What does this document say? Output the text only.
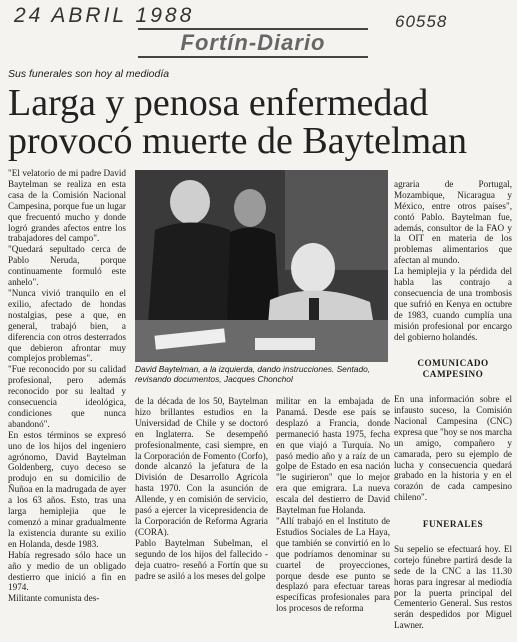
24 ABRIL 1988	60558
Fortín-Diario
Sus funerales son hoy al mediodía
Larga y penosa enfermedad provocó muerte de Baytelman
"El velatorio de mi padre David Baytelman se realiza en esta casa de la Comisión Nacional Campesina, porque fue un lugar que frecuentó mucho y donde logró grandes afectos entre los trabajadores del campo".
"Quedará sepultado cerca de Pablo Neruda, porque continuamente formuló este anhelo".
"Nunca vivió tranquilo en el exilio, afectado de hondas nostalgias, pese a que, en general, trabajó bien, a diferencia con otros desterrados que debieron afrontar muy complejos problemas".
"Fue reconocido por su calidad profesional, pero además reconocido por su lealtad y consecuencia ideológica, condiciones que nunca abandonó".
En estos términos se expresó uno de los hijos del ingeniero agrónomo, David Baytelman Goldenberg, cuyo deceso se produjo en su domicilio de Ñuñoa en la madrugada de ayer a los 63 años. Esto, tras una larga hemiplejia que le comenzó a minar gradualmente la existencia durante su exilio en Holanda, desde 1983.
Había regresado sólo hace un año y medio de un obligado destierro que inició a fin en 1974.
Militante comunista des-
David Baytelman, a la izquierda, dando instrucciones. Sentado, revisando documentos, Jacques Chonchol
de la década de los 50, Baytelman hizo brillantes estudios en la Universidad de Chile y se doctoró en Inglaterra. Se desempeñó profesionalmente, casi siempre, en la Corporación de Fomento (Corfo), donde alcanzó la jefatura de la División de Desarrollo Agrícola hasta 1970. Con la asunción de Allende, y en comisión de servicio, pasó a ejercer la vicepresidencia de la Corporación de Reforma Agraria (CORA).
Pablo Baytelman Subelman, el segundo de los hijos del fallecido -deja cuatro- reseñó a Fortín que su padre se asiló a los meses del golpe
militar en la embajada de Panamá. Desde ese país se desplazó a Francia, donde permaneció hasta 1975, fecha en que viajó a Turquía. No pasó medio año y a raíz de un golpe de Estado en esa nación "le sugirieron" que lo mejor era que emigrara. La nueva escala del destierro de David Baytelman fue Holanda.
"Allí trabajó en el Instituto de Estudios Sociales de La Haya, que también se convirtió en lo que podríamos denominar su cuartel de proyecciones, porque desde ese punto se desplazó para efectuar tareas específicas profesionales para los procesos de reforma

agraria de Portugal, Mozambique, Nicaragua y México, entre otros países", contó Pablo. Baytelman fue, además, consultor de la FAO y la OIT en materia de los problemas alimentarios que afectan al mundo.
La hemiplejia y la pérdida del habla las contrajo a consecuencia de una trombosis que sufrió en Kenya en octubre de 1983, cuando cumplía una misión profesional por encargo del gobierno holandés.

COMUNICADO CAMPESINO

En una información sobre el infausto suceso, la Comisión Nacional Campesina (CNC) expresa que "hoy se nos marcha un amigo, compañero y camarada, pero su ejemplo de lucha y consecuencia quedará grabado en la historia y en el corazón de cada campesino chileno".

FUNERALES

Su sepelio se efectuará hoy. El cortejo fúnebre partirá desde la sede de la CNC a las 11.30 horas para ingresar al mediodía por la puerta principal del Cementerio General. Sus restos serán despedidos por Miguel Lawner.
